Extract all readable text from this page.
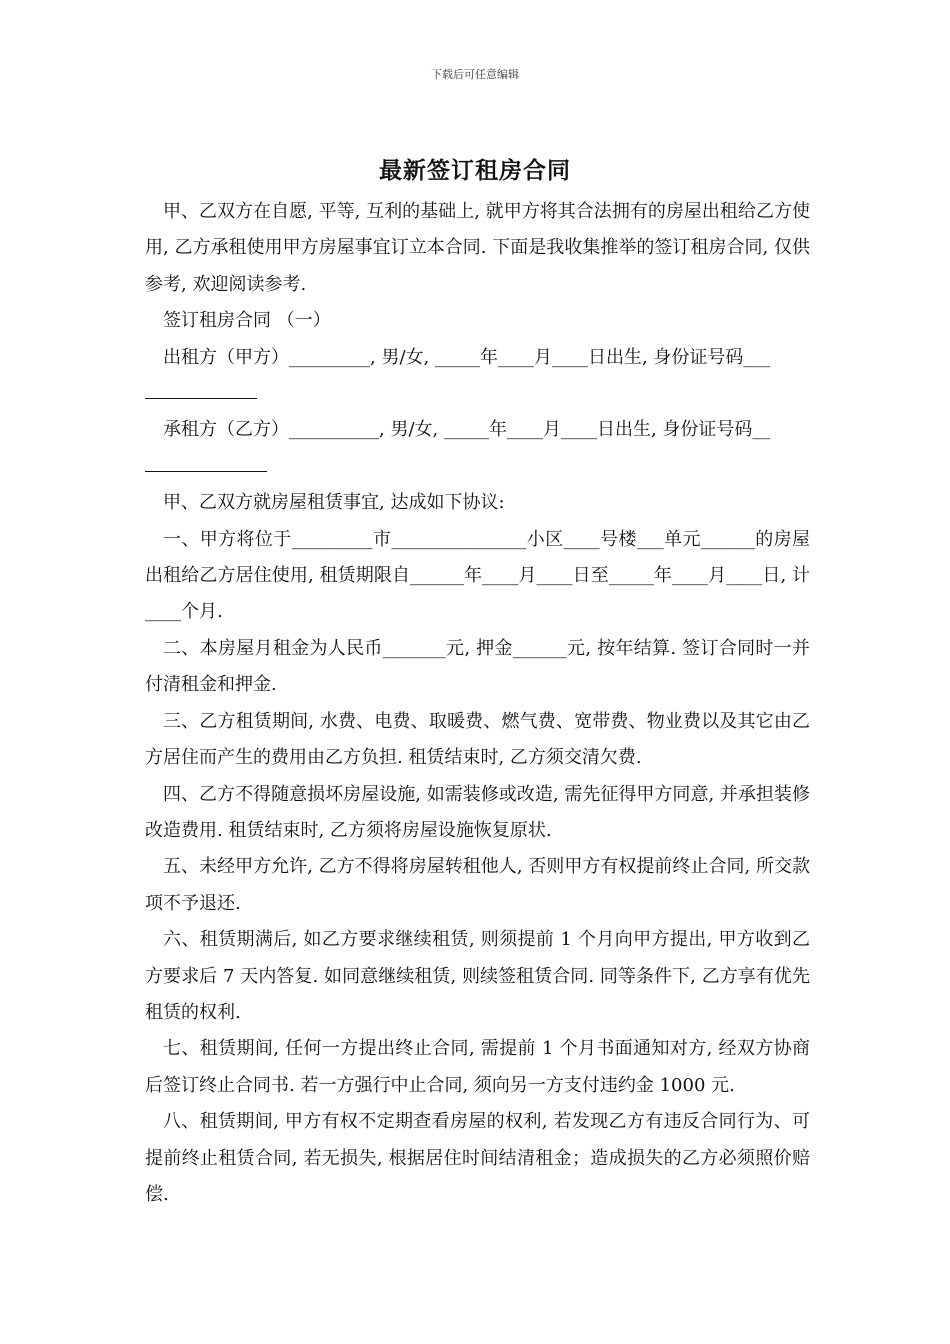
下载后可任意编辑
最新签订租房合同

甲、乙双方在自愿, 平等, 互利的基础上, 就甲方将其合法拥有的房屋出租给乙方使用, 乙方承租使用甲方房屋事宜订立本合同. 下面是我收集推举的签订租房合同, 仅供参考, 欢迎阅读参考.

签订租房合同 （一）

出租方（甲方）_________, 男/女, _____年____月____日出生, 身份证号码___

承租方（乙方）__________, 男/女, _____年____月____日出生, 身份证号码__

甲、乙双方就房屋租赁事宜, 达成如下协议:

一、甲方将位于_________市_______________小区____号楼___单元______的房屋出租给乙方居住使用, 租赁期限自______年____月____日至_____年____月____日, 计____个月.

二、本房屋月租金为人民币_______元, 押金______元, 按年结算. 签订合同时一并付清租金和押金.

三、乙方租赁期间, 水费、电费、取暖费、燃气费、宽带费、物业费以及其它由乙方居住而产生的费用由乙方负担. 租赁结束时, 乙方须交清欠费.

四、乙方不得随意损坏房屋设施, 如需装修或改造, 需先征得甲方同意, 并承担装修改造费用. 租赁结束时, 乙方须将房屋设施恢复原状.

五、未经甲方允许, 乙方不得将房屋转租他人, 否则甲方有权提前终止合同, 所交款项不予退还.

六、租赁期满后, 如乙方要求继续租赁, 则须提前 1 个月向甲方提出, 甲方收到乙方要求后 7 天内答复. 如同意继续租赁, 则续签租赁合同. 同等条件下, 乙方享有优先租赁的权利.

七、租赁期间, 任何一方提出终止合同, 需提前 1 个月书面通知对方, 经双方协商后签订终止合同书. 若一方强行中止合同, 须向另一方支付违约金 1000 元.

八、租赁期间, 甲方有权不定期查看房屋的权利, 若发现乙方有违反合同行为、可提前终止租赁合同, 若无损失, 根据居住时间结清租金；造成损失的乙方必须照价赔偿.
